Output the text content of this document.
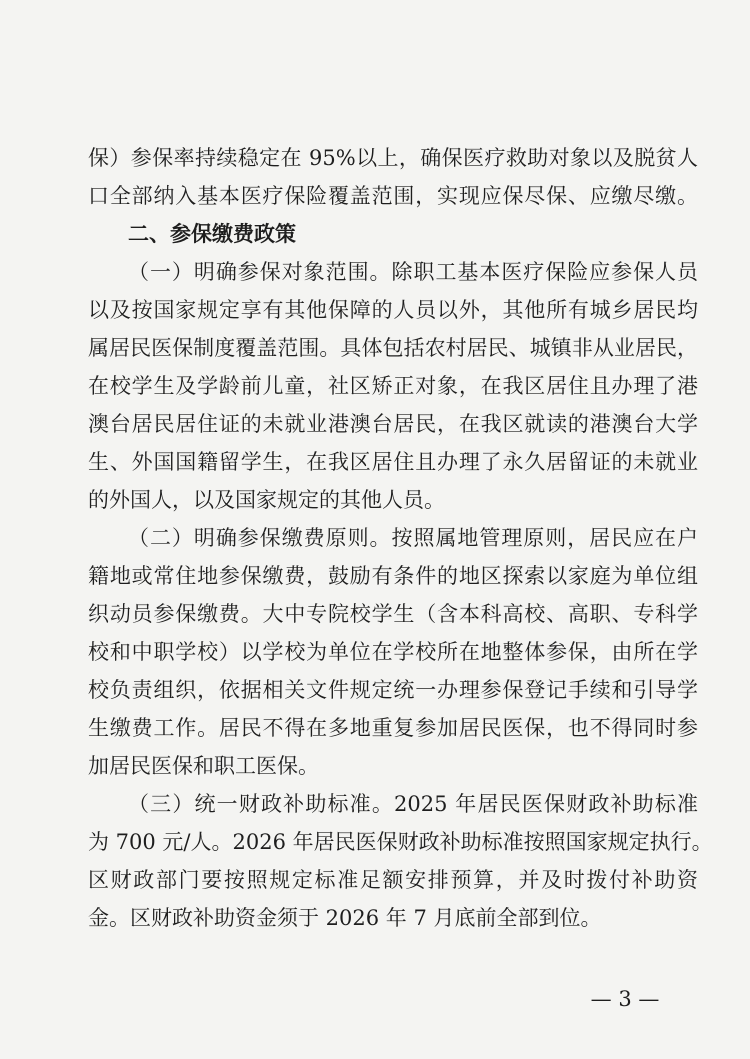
保）参保率持续稳定在 95%以上，确保医疗救助对象以及脱贫人
口全部纳入基本医疗保险覆盖范围，实现应保尽保、应缴尽缴。
二、参保缴费政策
（一）明确参保对象范围。除职工基本医疗保险应参保人员
以及按国家规定享有其他保障的人员以外，其他所有城乡居民均
属居民医保制度覆盖范围。具体包括农村居民、城镇非从业居民，
在校学生及学龄前儿童，社区矫正对象，在我区居住且办理了港
澳台居民居住证的未就业港澳台居民，在我区就读的港澳台大学
生、外国国籍留学生，在我区居住且办理了永久居留证的未就业
的外国人，以及国家规定的其他人员。
（二）明确参保缴费原则。按照属地管理原则，居民应在户
籍地或常住地参保缴费，鼓励有条件的地区探索以家庭为单位组
织动员参保缴费。大中专院校学生（含本科高校、高职、专科学
校和中职学校）以学校为单位在学校所在地整体参保，由所在学
校负责组织，依据相关文件规定统一办理参保登记手续和引导学
生缴费工作。居民不得在多地重复参加居民医保，也不得同时参
加居民医保和职工医保。
（三）统一财政补助标准。2025 年居民医保财政补助标准
为 700 元/人。2026 年居民医保财政补助标准按照国家规定执行。
区财政部门要按照规定标准足额安排预算，并及时拨付补助资
金。区财政补助资金须于 2026 年 7 月底前全部到位。
— 3 —
